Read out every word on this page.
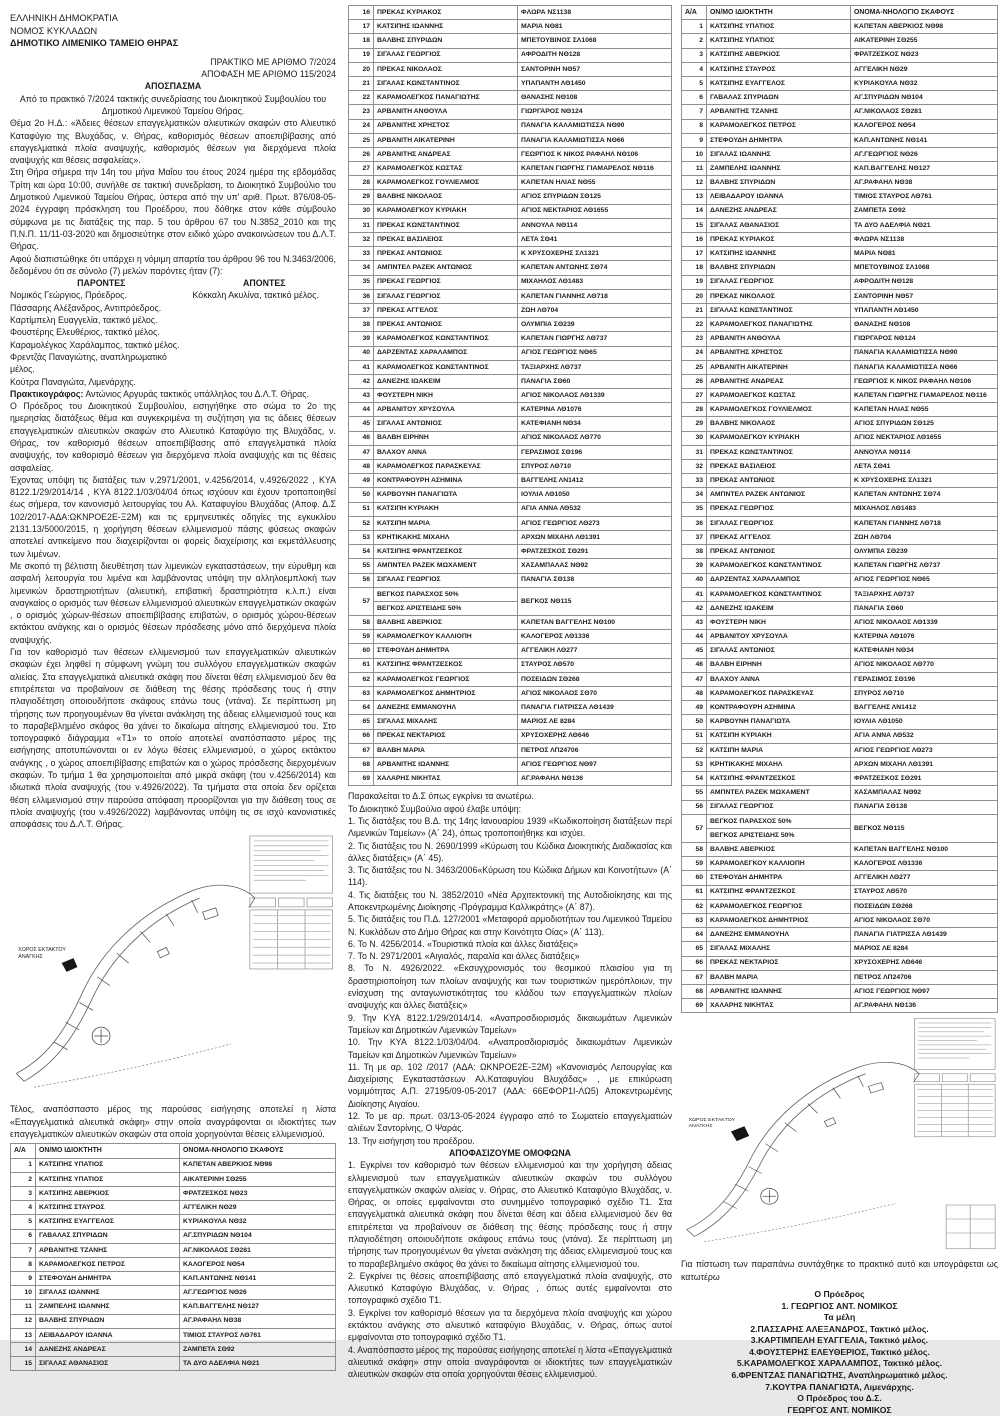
ΕΛΛΗΝΙΚΗ ΔΗΜΟΚΡΑΤΙΑ

ΝΟΜΟΣ ΚΥΚΛΑΔΩΝ

ΔΗΜΟΤΙΚΟ ΛΙΜΕΝΙΚΟ ΤΑΜΕΙΟ ΘΗΡΑΣ

ΠΡΑΚΤΙΚΟ ΜΕ ΑΡΙΘΜΟ 7/2024

ΑΠΟΦΑΣΗ ΜΕ ΑΡΙΘΜΟ 115/2024

ΑΠΟΣΠΑΣΜΑ

Από το πρακτικό 7/2024 τακτικής συνεδρίασης του Διοικητικού Συμβουλίου του Δημοτικού Λιμενικού Ταμείου Θήρας.

Θέμα 2ο Η.Δ.: «Άδειες θέσεων επαγγελματικών αλιευτικών σκαφών στο Αλιευτικό Καταφύγιο της Βλυχάδας, ν. Θήρας, καθορισμός θέσεων αποεπιβίβασης από επαγγελματικά πλοία αναψυχής, καθορισμός θέσεων για διερχόμενα πλοία αναψυχής και θέσεις ασφαλείας».

Στη Θήρα σήμερα την 14η του μήνα Μαΐου του έτους 2024 ημέρα της εβδομάδας Τρίτη και ώρα 10:00, συνήλθε σε τακτική συνεδρίαση, το Διοικητικό Συμβούλιο του Δημοτικού Λιμενικού Ταμείου Θήρας, ύστερα από την υπ' αριθ. Πρωτ. 876/08-05-2024 έγγραφη πρόσκληση του Προέδρου, που δόθηκε στον κάθε σύμβουλο σύμφωνα με τις διατάξεις της παρ. 5 του άρθρου 67 του Ν.3852_2010 και της Π.Ν.Π. 11/11-03-2020 και δημοσιεύτηκε στον ειδικό χώρο ανακοινώσεων του Δ.Λ.Τ. Θήρας.

Αφού διαπιστώθηκε ότι υπάρχει η νόμιμη απαρτία του άρθρου 96 του Ν.3463/2006, δεδομένου ότι σε σύνολο (7) μελών παρόντες ήταν (7):

ΠΑΡΟΝΤΕΣ

Νομικός Γεώργιος, Πρόεδρος.

Πάσσαρης Αλέξανδρος, Αντιπρόεδρος.

Καρτίμπελη Ευαγγελία, τακτικό μέλος.

Φουστέρης Ελευθέριος, τακτικό μέλος.

Καραμολέγκος Χαράλαμπος, τακτικό μέλος.

Φρεντζάς Παναγιώτης, αναπληρωματικό μέλος.

Κούτρα Παναγιώτα, Λιμενάρχης.

ΑΠΟΝΤΕΣ

Κόκκαλη Ακυλίνα, τακτικό μέλος.

Πρακτικογράφος: Αντώνιος Αργυράς τακτικός υπάλληλος του Δ.Λ.Τ. Θήρας.

Ο Πρόεδρος του Διοικητικού Συμβουλίου, εισηγήθηκε στο σώμα το 2ο της ημερησίας διατάξεως θέμα και συγκεκριμένα τη συζήτηση για τις άδειες θέσεων επαγγελματικών αλιευτικών σκαφών στο Αλιευτικό Καταφύγιο της Βλυχάδας, ν. Θήρας, τον καθορισμό θέσεων αποεπιβίβασης από επαγγελματικά πλοία αναψυχής, τον καθορισμό θέσεων για διερχόμενα πλοία αναψυχής και τις θέσεις ασφαλείας.

Έχοντας υπόψη τις διατάξεις των ν.2971/2001, ν.4256/2014, ν.4926/2022 , ΚΥΑ 8122.1/29/2014/14 , ΚΥΑ 8122.1/03/04/04 όπως ισχύουν και έχουν τροποποιηθεί έως σήμερα, τον κανονισμό λειτουργίας του Αλ. Καταφυγίου Βλυχάδας (Αποφ. Δ.Σ 102/2017-ΑΔΑ:ΩΚΝΡΟΕ2Ε-Ξ2Μ) και τις ερμηνευτικές οδηγίες της εγκυκλίου 2131.13/5000/2015, η χορήγηση θέσεων ελλιμενισμού πάσης φύσεως σκαφών αποτελεί αντικείμενο που διαχειρίζονται οι φορείς διαχείρισης και εκμετάλλευσης των λιμένων.

Με σκοπό τη βέλτιστη διευθέτηση των λιμενικών εγκαταστάσεων, την εύρυθμη και ασφαλή λειτουργία του λιμένα και λαμβάνοντας υπόψη την αλληλοεμπλοκή των λιμενικών δραστηριοτήτων (αλιευτική, επιβατική δραστηριότητα κ.λ.π.) είναι αναγκαίος ο ορισμός των θέσεων ελλιμενισμού αλιευτικών επαγγελματικών σκαφών , ο ορισμός χώρων-θέσεων αποεπιβίβασης επιβατών, ο ορισμός χώρου-θέσεων εκτάκτου ανάγκης και ο ορισμός θέσεων πρόσδεσης μόνο από διερχόμενα πλοία αναψυχής.

Για τον καθορισμό των θέσεων ελλιμενισμού των επαγγελματικών αλιευτικών σκαφών έχει ληφθεί η σύμφωνη γνώμη του συλλόγου επαγγελματικών σκαφών αλιείας. Στα επαγγελματικά αλιευτικά σκάφη που δίνεται θέση ελλιμενισμού δεν θα επιτρέπεται να προβαίνουν σε διάθεση της θέσης πρόσδεσης τους ή στην πλαγιοδέτηση οποιουδήποτε σκάφους επάνω τους (ντάνα). Σε περίπτωση μη τήρησης των προηγουμένων θα γίνεται ανάκληση της άδειας ελλιμενισμού τους και το παραβεβλημένο σκάφος θα χάνει το δικαίωμα αίτησης ελλιμενισμού του. Στο τοπογραφικό διάγραμμα «Τ1» το οποίο αποτελεί αναπόσπαστο μέρος της εισήγησης αποτυπώνονται οι εν λόγω θέσεις ελλιμενισμού, ο χώρος εκτάκτου ανάγκης , ο χώρος αποεπιβίβασης επιβατών και ο χώρος πρόσδεσης διερχομένων σκαφών. Το τμήμα 1 θα χρησιμοποιείται από μικρά σκάφη (του ν.4256/2014) και ιδιωτικά πλοία αναψυχής (του ν.4926/2022). Τα τμήματα στα οποία δεν ορίζεται θέση ελλιμενισμού στην παρούσα απόφαση προορίζονται για την διάθεση τους σε πλοία αναψυχής (του ν.4926/2022) λαμβάνοντας υπόψη τις σε ισχύ κανονιστικές αποφάσεις του Δ.Λ.Τ. Θήρας.

ΧΩΡΟΣ ΕΚΤΑΚΤΟΥ
ΑΝΑΓΚΗΣ

Τέλος, αναπόσπαστο μέρος της παρούσας εισήγησης αποτελεί η λίστα «Επαγγελματικά αλιευτικά σκάφη» στην οποία αναγράφονται οι ιδιοκτήτες των επαγγελματικών αλιευτικών σκαφών στα οποία χορηγούνται θέσεις ελλιμενισμού.

Α/Α	ΟΝ/ΜΟ ΙΔΙΟΚΤΗΤΗ	ΟΝΟΜΑ-ΝΗΟΛΟΓΙΟ ΣΚΑΦΟΥΣ
1	ΚΑΤΣΙΠΗΣ ΥΠΑΤΙΟΣ	ΚΑΠΕΤΑΝ ΑΒΕΡΚΙΟΣ ΝΘ98
2	ΚΑΤΣΙΠΗΣ ΥΠΑΤΙΟΣ	ΑΙΚΑΤΕΡΙΝΗ ΣΘ255
3	ΚΑΤΣΙΠΗΣ ΑΒΕΡΚΙΟΣ	ΦΡΑΤΖΕΣΚΟΣ ΝΘ23
4	ΚΑΤΣΙΠΗΣ ΣΤΑΥΡΟΣ	ΑΓΓΕΛΙΚΗ ΝΘ29
5	ΚΑΤΣΙΠΗΣ ΕΥΑΓΓΕΛΟΣ	ΚΥΡΙΑΚΟΥΛΑ ΝΘ32
6	ΓΑΒΑΛΑΣ ΣΠΥΡΙΔΩΝ	ΑΓ.ΣΠΥΡΙΔΩΝ ΝΘ104
7	ΑΡΒΑΝΙΤΗΣ ΤΖΑΝΗΣ	ΑΓ.ΝΙΚΟΛΑΟΣ ΣΘ281
8	ΚΑΡΑΜΟΛΕΓΚΟΣ ΠΕΤΡΟΣ	ΚΑΛΟΓΕΡΟΣ ΝΘ54
9	ΣΤΕΦΟΥΔΗ ΔΗΜΗΤΡΑ	ΚΑΠ.ΑΝΤΩΝΗΣ ΝΘ141
10	ΣΙΓΑΛΑΣ ΙΩΑΝΝΗΣ	ΑΓ.ΓΕΩΡΓΙΟΣ ΝΘ26
11	ΖΑΜΠΕΛΗΣ ΙΩΑΝΝΗΣ	ΚΑΠ.ΒΑΓΓΕΛΗΣ ΝΘ127
12	ΒΑΛΒΗΣ ΣΠΥΡΙΔΩΝ	ΑΓ.ΡΑΦΑΗΛ ΝΘ38
13	ΛΕΙΒΑΔΑΡΟΥ ΙΩΑΝΝΑ	ΤΙΜΙΟΣ ΣΤΑΥΡΟΣ ΛΘ761
14	ΔΑΝΕΖΗΣ ΑΝΔΡΕΑΣ	ΖΑΜΠΕΤΑ ΣΘ92
15	ΣΙΓΑΛΑΣ ΑΘΑΝΑΣΙΟΣ	ΤΑ ΔΥΟ ΑΔΕΛΦΙΑ ΝΘ21
16	ΠΡΕΚΑΣ ΚΥΡΙΑΚΟΣ	ΦΛΩΡΑ ΝΣ1138
17	ΚΑΤΣΙΠΗΣ ΙΩΑΝΝΗΣ	ΜΑΡΙΑ ΝΘ81
18	ΒΑΛΒΗΣ ΣΠΥΡΙΔΩΝ	ΜΠΕΤΟΥΒΙΝΟΣ ΣΛ1068
19	ΣΙΓΑΛΑΣ ΓΕΩΡΓΙΟΣ	ΑΦΡΟΔΙΤΗ ΝΘ128
20	ΠΡΕΚΑΣ ΝΙΚΟΛΑΟΣ	ΣΑΝΤΟΡΙΝΗ ΝΘ57
21	ΣΙΓΑΛΑΣ ΚΩΝΣΤΑΝΤΙΝΟΣ	ΥΠΑΠΑΝΤΗ ΛΘ1450
22	ΚΑΡΑΜΟΛΕΓΚΟΣ ΠΑΝΑΓΙΩΤΗΣ	ΘΑΝΑΣΗΣ ΝΘ108
23	ΑΡΒΑΝΙΤΗ ΑΝΘΟΥΛΑ	ΓΙΩΡΓΑΡΟΣ ΝΘ124
24	ΑΡΒΑΝΙΤΗΣ ΧΡΗΣΤΟΣ	ΠΑΝΑΓΙΑ ΚΑΛΑΜΙΩΤΙΣΣΑ ΝΘ90
25	ΑΡΒΑΝΙΤΗ ΑΙΚΑΤΕΡΙΝΗ	ΠΑΝΑΓΙΑ ΚΑΛΑΜΙΩΤΙΣΣΑ ΝΘ66
26	ΑΡΒΑΝΙΤΗΣ ΑΝΔΡΕΑΣ	ΓΕΩΡΓΙΟΣ Κ ΝΙΚΟΣ ΡΑΦΑΗΛ ΝΘ106
27	ΚΑΡΑΜΟΛΕΓΚΟΣ ΚΩΣΤΑΣ	ΚΑΠΕΤΑΝ ΓΙΩΡΓΗΣ ΓΙΑΜΑΡΕΛΟΣ ΝΘ116
28	ΚΑΡΑΜΟΛΕΓΚΟΣ ΓΟΥΛΙΕΛΜΟΣ	ΚΑΠΕΤΑΝ ΗΛΙΑΣ ΝΘ55
29	ΒΑΛΒΗΣ ΝΙΚΟΛΑΟΣ	ΑΓΙΟΣ ΣΠΥΡΙΔΩΝ ΣΘ125
30	ΚΑΡΑΜΟΛΕΓΚΟΥ ΚΥΡΙΑΚΗ	ΑΓΙΟΣ ΝΕΚΤΑΡΙΟΣ ΛΘ1655
31	ΠΡΕΚΑΣ ΚΩΝΣΤΑΝΤΙΝΟΣ	ΑΝΝΟΥΛΑ ΝΘ114
32	ΠΡΕΚΑΣ ΒΑΣΙΛΕΙΟΣ	ΛΕΤΑ ΣΘ41
33	ΠΡΕΚΑΣ ΑΝΤΩΝΙΟΣ	Κ ΧΡΥΣΟΧΕΡΗΣ ΣΛ1321
34	ΑΜΠΝΤΕΛ ΡΑΖΕΚ ΑΝΤΩΝΙΟΣ	ΚΑΠΕΤΑΝ ΑΝΤΩΝΗΣ ΣΘ74
35	ΠΡΕΚΑΣ ΓΕΩΡΓΙΟΣ	ΜΙΧΑΗΛΟΣ ΛΘ1483
36	ΣΙΓΑΛΑΣ ΓΕΩΡΓΙΟΣ	ΚΑΠΕΤΑΝ ΓΙΑΝΝΗΣ ΛΘ718
37	ΠΡΕΚΑΣ ΑΓΓΕΛΟΣ	ΖΩΗ ΛΘ704
38	ΠΡΕΚΑΣ ΑΝΤΩΝΙΟΣ	ΟΛΥΜΠΙΑ ΣΘ239
39	ΚΑΡΑΜΟΛΕΓΚΟΣ ΚΩΝΣΤΑΝΤΙΝΟΣ	ΚΑΠΕΤΑΝ ΓΙΩΡΓΗΣ ΛΘ737
40	ΔΑΡΖΕΝΤΑΣ ΧΑΡΑΛΑΜΠΟΣ	ΑΓΙΟΣ ΓΕΩΡΓΙΟΣ ΝΘ65
41	ΚΑΡΑΜΟΛΕΓΚΟΣ ΚΩΝΣΤΑΝΤΙΝΟΣ	ΤΑΞΙΑΡΧΗΣ ΛΘ737
42	ΔΑΝΕΖΗΣ ΙΩΑΚΕΙΜ	ΠΑΝΑΓΙΑ ΣΘ60
43	ΦΟΥΣΤΕΡΗ ΝΙΚΗ	ΑΓΙΟΣ ΝΙΚΟΛΑΟΣ ΛΘ1339
44	ΑΡΒΑΝΙΤΟΥ ΧΡΥΣΟΥΛΑ	ΚΑΤΕΡΙΝΑ ΛΘ1076
45	ΣΙΓΑΛΑΣ ΑΝΤΩΝΙΟΣ	ΚΑΤΕΦΙΑΝΗ ΝΘ34
46	ΒΑΛΒΗ ΕΙΡΗΝΗ	ΑΓΙΟΣ ΝΙΚΟΛΑΟΣ ΛΘ770
47	ΒΛΑΧΟΥ ΑΝΝΑ	ΓΕΡΑΣΙΜΟΣ ΣΘ196
48	ΚΑΡΑΜΟΛΕΓΚΟΣ ΠΑΡΑΣΚΕΥΑΣ	ΣΠΥΡΟΣ ΛΘ710
49	ΚΟΝΤΡΑΦΟΥΡΗ ΑΣΗΜΙΝΑ	ΒΑΓΓΕΛΗΣ ΛΝ1412
50	ΚΑΡΒΟΥΝΗ ΠΑΝΑΓΙΩΤΑ	ΙΟΥΛΙΑ ΛΘ1050
51	ΚΑΤΣΙΠΗ ΚΥΡΙΑΚΗ	ΑΓΙΑ ΑΝΝΑ ΛΘ532
52	ΚΑΤΣΙΠΗ ΜΑΡΙΑ	ΑΓΙΟΣ ΓΕΩΡΓΙΟΣ ΛΘ273
53	ΚΡΗΤΙΚΑΚΗΣ ΜΙΧΑΗΛ	ΑΡΧΩΝ ΜΙΧΑΗΛ ΛΘ1391
54	ΚΑΤΣΙΠΗΣ ΦΡΑΝΤΖΕΣΚΟΣ	ΦΡΑΤΖΕΣΚΟΣ ΣΘ291
55	ΑΜΠΝΤΕΛ ΡΑΖΕΚ ΜΩΧΑΜΕΝΤ	ΧΑΣΑΜΠΑΛΑΣ ΝΘ92
56	ΣΙΓΑΛΑΣ ΓΕΩΡΓΙΟΣ	ΠΑΝΑΓΙΑ ΣΘ138
57	ΒΕΓΚΟΣ ΠΑΡΑΣΧΟΣ 50%	ΒΕΓΚΟΣ ΝΘ115
	ΒΕΓΚΟΣ ΑΡΙΣΤΕΙΔΗΣ 50%	
58	ΒΑΛΒΗΣ ΑΒΕΡΚΙΟΣ	ΚΑΠΕΤΑΝ ΒΑΓΓΕΛΗΣ ΝΘ100
59	ΚΑΡΑΜΟΛΕΓΚΟΥ ΚΑΛΛΙΟΠΗ	ΚΑΛΟΓΕΡΟΣ ΛΘ1336
60	ΣΤΕΦΟΥΔΗ ΔΗΜΗΤΡΑ	ΑΓΓΕΛΙΚΗ ΛΘ277
61	ΚΑΤΣΙΠΗΣ ΦΡΑΝΤΖΕΣΚΟΣ	ΣΤΑΥΡΟΣ ΛΘ570
62	ΚΑΡΑΜΟΛΕΓΚΟΣ ΓΕΩΡΓΙΟΣ	ΠΟΣΕΙΔΩΝ ΣΘ268
63	ΚΑΡΑΜΟΛΕΓΚΟΣ ΔΗΜΗΤΡΙΟΣ	ΑΓΙΟΣ ΝΙΚΟΛΑΟΣ ΣΘ70
64	ΔΑΝΕΖΗΣ ΕΜΜΑΝΟΥΗΛ	ΠΑΝΑΓΙΑ ΓΙΑΤΡΙΣΣΑ ΛΘ1439
65	ΣΙΓΑΛΑΣ ΜΙΧΑΛΗΣ	ΜΑΡΙΟΣ ΛΕ 8284
66	ΠΡΕΚΑΣ ΝΕΚΤΑΡΙΟΣ	ΧΡΥΣΟΧΕΡΗΣ ΛΘ646
67	ΒΑΛΒΗ ΜΑΡΙΑ	ΠΕΤΡΟΣ ΛΠ24706
68	ΑΡΒΑΝΙΤΗΣ ΙΩΑΝΝΗΣ	ΑΓΙΟΣ ΓΕΩΡΓΙΟΣ ΝΘ97
69	ΧΑΛΑΡΗΣ ΝΙΚΗΤΑΣ	ΑΓ.ΡΑΦΑΗΛ ΝΘ136

Παρακαλείται το Δ.Σ όπως εγκρίνει τα ανωτέρω.

Το Διοικητικό Συμβούλιο αφού έλαβε υπόψη:

1. Τις διατάξεις του Β.Δ. της 14ης Ιανουαρίου 1939 «Κωδικοποίηση διατάξεων περί Λιμενικών Ταμείων» (Α΄ 24), όπως τροποποιήθηκε και ισχύει.

2. Τις διατάξεις του Ν. 2690/1999 «Κύρωση του Κώδικα Διοικητικής Διαδικασίας και άλλες διατάξεις» (Α΄ 45).

3. Τις διατάξεις του Ν. 3463/2006«Κύρωση του Κώδικα Δήμων και Κοινοτήτων» (Α΄ 114).

4. Τις διατάξεις του Ν. 3852/2010 «Νέα Αρχιτεκτονική της Αυτοδιοίκησης και της Αποκεντρωμένης Διοίκησης -Πρόγραμμα Καλλικράτης» (Α΄ 87).

5. Τις διατάξεις του Π.Δ. 127/2001 «Μεταφορά αρμοδιοτήτων του Λιμενικού Ταμείου Ν. Κυκλάδων στο Δήμο Θήρας και στην Κοινότητα Οίας» (Α΄ 113).

6. Το Ν. 4256/2014. «Τουριστικά πλοία και άλλες διατάξεις»

7. Το Ν. 2971/2001 «Αιγιαλός, παραλία και άλλες διατάξεις»

8. Το Ν. 4926/2022. «Εκσυγχρονισμός του θεσμικού πλαισίου για τη δραστηριοποίηση των πλοίων αναψυχής και των τουριστικών ημερόπλοιων, την ενίσχυση της ανταγωνιστικότητας του κλάδου των επαγγελματικών πλοίων αναψυχής και άλλες διατάξεις»

9. Την ΚΥΑ 8122.1/29/2014/14. «Αναπροσδιορισμός δικαιωμάτων Λιμενικών Ταμείων και Δημοτικών Λιμενικών Ταμείων»

10. Την ΚΥΑ 8122.1/03/04/04. «Αναπροσδιορισμός δικαιωμάτων Λιμενικών Ταμείων και Δημοτικών Λιμενικών Ταμείων»

11. Τη με αρ. 102 /2017 (ΑΔΑ: ΩΚΝΡΟΕ2Ε-Ξ2Μ) «Κανονισμός Λειτουργίας και Διαχείρισης Εγκαταστάσεων Αλ.Καταφυγίου Βλυχάδας» , με επικύρωση νομιμότητας Α.Π. 27195/09-05-2017 (ΑΔΑ: 66ΕΦΟΡ1Ι-ΛΩ5) Αποκεντρωμένης Διοίκησης Αιγαίου.

12. Το με αρ. πρωτ. 03/13-05-2024 έγγραφο από το Σωματείο επαγγελματιών αλιέων Σαντορίνης, Ο Ψαράς.

13. Την εισήγηση του προέδρου.

ΑΠΟΦΑΣΙΖΟΥΜΕ ΟΜΟΦΩΝΑ

1. Εγκρίνει τον καθορισμό των θέσεων ελλιμενισμού και την χορήγηση άδειας ελλιμενισμού των επαγγελματικών αλιευτικών σκαφών του συλλόγου επαγγελματικών σκαφών αλιείας ν. Θήρας, στο Αλιευτικό Καταφύγιο Βλυχάδας, ν. Θήρας, οι οποίες εμφαίνονται στο συνημμένο τοπογραφικό σχέδιο Τ1. Στα επαγγελματικά αλιευτικά σκάφη που δίνεται θέση και άδεια ελλιμενισμού δεν θα επιτρέπεται να προβαίνουν σε διάθεση της θέσης πρόσδεσης τους ή στην πλαγιοδέτηση οποιουδήποτε σκάφους επάνω τους (ντάνα). Σε περίπτωση μη τήρησης των προηγουμένων θα γίνεται ανάκληση της άδειας ελλιμενισμού τους και το παραβεβλημένο σκάφος θα χάνει το δικαίωμα αίτησης ελλιμενισμού του.

2. Εγκρίνει τις θέσεις αποεπιβίβασης από επαγγελματικά πλοία αναψυχής, στο Αλιευτικό Καταφύγιο Βλυχάδας, ν. Θήρας , όπως αυτές εμφαίνονται στο τοπογραφικό σχέδιο Τ1.

3. Εγκρίνει τον καθορισμό θέσεων για τα διερχόμενα πλοία αναψυχής και χώρου εκτάκτου ανάγκης στο αλιευτικό καταφύγιο Βλυχάδας, ν. Θήρας, όπως αυτοί εμφαίνονται στο τοπογραφικό σχέδιο Τ1.

4. Αναπόσπαστο μέρος της παρούσας εισήγησης αποτελεί η λίστα «Επαγγελματικά αλιευτικά σκάφη» στην οποία αναγράφονται οι ιδιοκτήτες των επαγγελματικών αλιευτικών σκαφών στα οποία χορηγούνται θέσεις ελλιμενισμού.

Α/Α	ΟΝ/ΜΟ ΙΔΙΟΚΤΗΤΗ	ΟΝΟΜΑ-ΝΗΟΛΟΓΙΟ ΣΚΑΦΟΥΣ
1	ΚΑΤΣΙΠΗΣ ΥΠΑΤΙΟΣ	ΚΑΠΕΤΑΝ ΑΒΕΡΚΙΟΣ ΝΘ98
2	ΚΑΤΣΙΠΗΣ ΥΠΑΤΙΟΣ	ΑΙΚΑΤΕΡΙΝΗ ΣΘ255
3	ΚΑΤΣΙΠΗΣ ΑΒΕΡΚΙΟΣ	ΦΡΑΤΖΕΣΚΟΣ ΝΘ23
4	ΚΑΤΣΙΠΗΣ ΣΤΑΥΡΟΣ	ΑΓΓΕΛΙΚΗ ΝΘ29
5	ΚΑΤΣΙΠΗΣ ΕΥΑΓΓΕΛΟΣ	ΚΥΡΙΑΚΟΥΛΑ ΝΘ32
6	ΓΑΒΑΛΑΣ ΣΠΥΡΙΔΩΝ	ΑΓ.ΣΠΥΡΙΔΩΝ ΝΘ104
7	ΑΡΒΑΝΙΤΗΣ ΤΖΑΝΗΣ	ΑΓ.ΝΙΚΟΛΑΟΣ ΣΘ281
8	ΚΑΡΑΜΟΛΕΓΚΟΣ ΠΕΤΡΟΣ	ΚΑΛΟΓΕΡΟΣ ΝΘ54
9	ΣΤΕΦΟΥΔΗ ΔΗΜΗΤΡΑ	ΚΑΠ.ΑΝΤΩΝΗΣ ΝΘ141
10	ΣΙΓΑΛΑΣ ΙΩΑΝΝΗΣ	ΑΓ.ΓΕΩΡΓΙΟΣ ΝΘ26
11	ΖΑΜΠΕΛΗΣ ΙΩΑΝΝΗΣ	ΚΑΠ.ΒΑΓΓΕΛΗΣ ΝΘ127
12	ΒΑΛΒΗΣ ΣΠΥΡΙΔΩΝ	ΑΓ.ΡΑΦΑΗΛ ΝΘ38
13	ΛΕΙΒΑΔΑΡΟΥ ΙΩΑΝΝΑ	ΤΙΜΙΟΣ ΣΤΑΥΡΟΣ ΛΘ761
14	ΔΑΝΕΖΗΣ ΑΝΔΡΕΑΣ	ΖΑΜΠΕΤΑ ΣΘ92
15	ΣΙΓΑΛΑΣ ΑΘΑΝΑΣΙΟΣ	ΤΑ ΔΥΟ ΑΔΕΛΦΙΑ ΝΘ21
16	ΠΡΕΚΑΣ ΚΥΡΙΑΚΟΣ	ΦΛΩΡΑ ΝΣ1138
17	ΚΑΤΣΙΠΗΣ ΙΩΑΝΝΗΣ	ΜΑΡΙΑ ΝΘ81
18	ΒΑΛΒΗΣ ΣΠΥΡΙΔΩΝ	ΜΠΕΤΟΥΒΙΝΟΣ ΣΛ1068
19	ΣΙΓΑΛΑΣ ΓΕΩΡΓΙΟΣ	ΑΦΡΟΔΙΤΗ ΝΘ128
20	ΠΡΕΚΑΣ ΝΙΚΟΛΑΟΣ	ΣΑΝΤΟΡΙΝΗ ΝΘ57
21	ΣΙΓΑΛΑΣ ΚΩΝΣΤΑΝΤΙΝΟΣ	ΥΠΑΠΑΝΤΗ ΛΘ1450
22	ΚΑΡΑΜΟΛΕΓΚΟΣ ΠΑΝΑΓΙΩΤΗΣ	ΘΑΝΑΣΗΣ ΝΘ108
23	ΑΡΒΑΝΙΤΗ ΑΝΘΟΥΛΑ	ΓΙΩΡΓΑΡΟΣ ΝΘ124
24	ΑΡΒΑΝΙΤΗΣ ΧΡΗΣΤΟΣ	ΠΑΝΑΓΙΑ ΚΑΛΑΜΙΩΤΙΣΣΑ ΝΘ90
25	ΑΡΒΑΝΙΤΗ ΑΙΚΑΤΕΡΙΝΗ	ΠΑΝΑΓΙΑ ΚΑΛΑΜΙΩΤΙΣΣΑ ΝΘ66
26	ΑΡΒΑΝΙΤΗΣ ΑΝΔΡΕΑΣ	ΓΕΩΡΓΙΟΣ Κ ΝΙΚΟΣ ΡΑΦΑΗΛ ΝΘ106
27	ΚΑΡΑΜΟΛΕΓΚΟΣ ΚΩΣΤΑΣ	ΚΑΠΕΤΑΝ ΓΙΩΡΓΗΣ ΓΙΑΜΑΡΕΛΟΣ ΝΘ116
28	ΚΑΡΑΜΟΛΕΓΚΟΣ ΓΟΥΛΙΕΛΜΟΣ	ΚΑΠΕΤΑΝ ΗΛΙΑΣ ΝΘ55
29	ΒΑΛΒΗΣ ΝΙΚΟΛΑΟΣ	ΑΓΙΟΣ ΣΠΥΡΙΔΩΝ ΣΘ125
30	ΚΑΡΑΜΟΛΕΓΚΟΥ ΚΥΡΙΑΚΗ	ΑΓΙΟΣ ΝΕΚΤΑΡΙΟΣ ΛΘ1655
31	ΠΡΕΚΑΣ ΚΩΝΣΤΑΝΤΙΝΟΣ	ΑΝΝΟΥΛΑ ΝΘ114
32	ΠΡΕΚΑΣ ΒΑΣΙΛΕΙΟΣ	ΛΕΤΑ ΣΘ41
33	ΠΡΕΚΑΣ ΑΝΤΩΝΙΟΣ	Κ ΧΡΥΣΟΧΕΡΗΣ ΣΛ1321
34	ΑΜΠΝΤΕΛ ΡΑΖΕΚ ΑΝΤΩΝΙΟΣ	ΚΑΠΕΤΑΝ ΑΝΤΩΝΗΣ ΣΘ74
35	ΠΡΕΚΑΣ ΓΕΩΡΓΙΟΣ	ΜΙΧΑΗΛΟΣ ΛΘ1483
36	ΣΙΓΑΛΑΣ ΓΕΩΡΓΙΟΣ	ΚΑΠΕΤΑΝ ΓΙΑΝΝΗΣ ΛΘ718
37	ΠΡΕΚΑΣ ΑΓΓΕΛΟΣ	ΖΩΗ ΛΘ704
38	ΠΡΕΚΑΣ ΑΝΤΩΝΙΟΣ	ΟΛΥΜΠΙΑ ΣΘ239
39	ΚΑΡΑΜΟΛΕΓΚΟΣ ΚΩΝΣΤΑΝΤΙΝΟΣ	ΚΑΠΕΤΑΝ ΓΙΩΡΓΗΣ ΛΘ737
40	ΔΑΡΖΕΝΤΑΣ ΧΑΡΑΛΑΜΠΟΣ	ΑΓΙΟΣ ΓΕΩΡΓΙΟΣ ΝΘ65
41	ΚΑΡΑΜΟΛΕΓΚΟΣ ΚΩΝΣΤΑΝΤΙΝΟΣ	ΤΑΞΙΑΡΧΗΣ ΛΘ737
42	ΔΑΝΕΖΗΣ ΙΩΑΚΕΙΜ	ΠΑΝΑΓΙΑ ΣΘ60
43	ΦΟΥΣΤΕΡΗ ΝΙΚΗ	ΑΓΙΟΣ ΝΙΚΟΛΑΟΣ ΛΘ1339
44	ΑΡΒΑΝΙΤΟΥ ΧΡΥΣΟΥΛΑ	ΚΑΤΕΡΙΝΑ ΛΘ1076
45	ΣΙΓΑΛΑΣ ΑΝΤΩΝΙΟΣ	ΚΑΤΕΦΙΑΝΗ ΝΘ34
46	ΒΑΛΒΗ ΕΙΡΗΝΗ	ΑΓΙΟΣ ΝΙΚΟΛΑΟΣ ΛΘ770
47	ΒΛΑΧΟΥ ΑΝΝΑ	ΓΕΡΑΣΙΜΟΣ ΣΘ196
48	ΚΑΡΑΜΟΛΕΓΚΟΣ ΠΑΡΑΣΚΕΥΑΣ	ΣΠΥΡΟΣ ΛΘ710
49	ΚΟΝΤΡΑΦΟΥΡΗ ΑΣΗΜΙΝΑ	ΒΑΓΓΕΛΗΣ ΛΝ1412
50	ΚΑΡΒΟΥΝΗ ΠΑΝΑΓΙΩΤΑ	ΙΟΥΛΙΑ ΛΘ1050
51	ΚΑΤΣΙΠΗ ΚΥΡΙΑΚΗ	ΑΓΙΑ ΑΝΝΑ ΛΘ532
52	ΚΑΤΣΙΠΗ ΜΑΡΙΑ	ΑΓΙΟΣ ΓΕΩΡΓΙΟΣ ΛΘ273
53	ΚΡΗΤΙΚΑΚΗΣ ΜΙΧΑΗΛ	ΑΡΧΩΝ ΜΙΧΑΗΛ ΛΘ1391
54	ΚΑΤΣΙΠΗΣ ΦΡΑΝΤΖΕΣΚΟΣ	ΦΡΑΤΖΕΣΚΟΣ ΣΘ291
55	ΑΜΠΝΤΕΛ ΡΑΖΕΚ ΜΩΧΑΜΕΝΤ	ΧΑΣΑΜΠΑΛΑΣ ΝΘ92
56	ΣΙΓΑΛΑΣ ΓΕΩΡΓΙΟΣ	ΠΑΝΑΓΙΑ ΣΘ138
57	ΒΕΓΚΟΣ ΠΑΡΑΣΧΟΣ 50%	ΒΕΓΚΟΣ ΝΘ115
	ΒΕΓΚΟΣ ΑΡΙΣΤΕΙΔΗΣ 50%	
58	ΒΑΛΒΗΣ ΑΒΕΡΚΙΟΣ	ΚΑΠΕΤΑΝ ΒΑΓΓΕΛΗΣ ΝΘ100
59	ΚΑΡΑΜΟΛΕΓΚΟΥ ΚΑΛΛΙΟΠΗ	ΚΑΛΟΓΕΡΟΣ ΛΘ1336
60	ΣΤΕΦΟΥΔΗ ΔΗΜΗΤΡΑ	ΑΓΓΕΛΙΚΗ ΛΘ277
61	ΚΑΤΣΙΠΗΣ ΦΡΑΝΤΖΕΣΚΟΣ	ΣΤΑΥΡΟΣ ΛΘ570
62	ΚΑΡΑΜΟΛΕΓΚΟΣ ΓΕΩΡΓΙΟΣ	ΠΟΣΕΙΔΩΝ ΣΘ268
63	ΚΑΡΑΜΟΛΕΓΚΟΣ ΔΗΜΗΤΡΙΟΣ	ΑΓΙΟΣ ΝΙΚΟΛΑΟΣ ΣΘ70
64	ΔΑΝΕΖΗΣ ΕΜΜΑΝΟΥΗΛ	ΠΑΝΑΓΙΑ ΓΙΑΤΡΙΣΣΑ ΛΘ1439
65	ΣΙΓΑΛΑΣ ΜΙΧΑΛΗΣ	ΜΑΡΙΟΣ ΛΕ 8284
66	ΠΡΕΚΑΣ ΝΕΚΤΑΡΙΟΣ	ΧΡΥΣΟΧΕΡΗΣ ΛΘ646
67	ΒΑΛΒΗ ΜΑΡΙΑ	ΠΕΤΡΟΣ ΛΠ24706
68	ΑΡΒΑΝΙΤΗΣ ΙΩΑΝΝΗΣ	ΑΓΙΟΣ ΓΕΩΡΓΙΟΣ ΝΘ97
69	ΧΑΛΑΡΗΣ ΝΙΚΗΤΑΣ	ΑΓ.ΡΑΦΑΗΛ ΝΘ136
ΧΩΡΟΣ ΕΚΤΑΚΤΟΥ
ΑΝΑΓΚΗΣ

Για πίστωση των παραπάνω συντάχθηκε το πρακτικό αυτό και υπογράφεται ως κατωτέρω

Ο Πρόεδρος

1. ΓΕΩΡΓΙΟΣ ΑΝΤ. ΝΟΜΙΚΟΣ

Τα μέλη

2.ΠΑΣΣΑΡΗΣ ΑΛΕΞΑΝΔΡΟΣ, Τακτικό μέλος.

3.ΚΑΡΤΙΜΠΕΛΗ ΕΥΑΓΓΕΛΙΑ, Τακτικό μέλος.

4.ΦΟΥΣΤΕΡΗΣ ΕΛΕΥΘΕΡΙΟΣ, Τακτικό μέλος.

5.ΚΑΡΑΜΟΛΕΓΚΟΣ ΧΑΡΑΛΑΜΠΟΣ, Τακτικό μέλος.

6.ΦΡΕΝΤΖΑΣ ΠΑΝΑΓΙΩΤΗΣ, Αναπληρωματικό μέλος.

7.ΚΟΥΤΡΑ ΠΑΝΑΓΙΩΤΑ, Λιμενάρχης.

Ο Πρόεδρος του Δ.Σ.

ΓΕΩΡΓΟΣ ΑΝΤ. ΝΟΜΙΚΟΣ
